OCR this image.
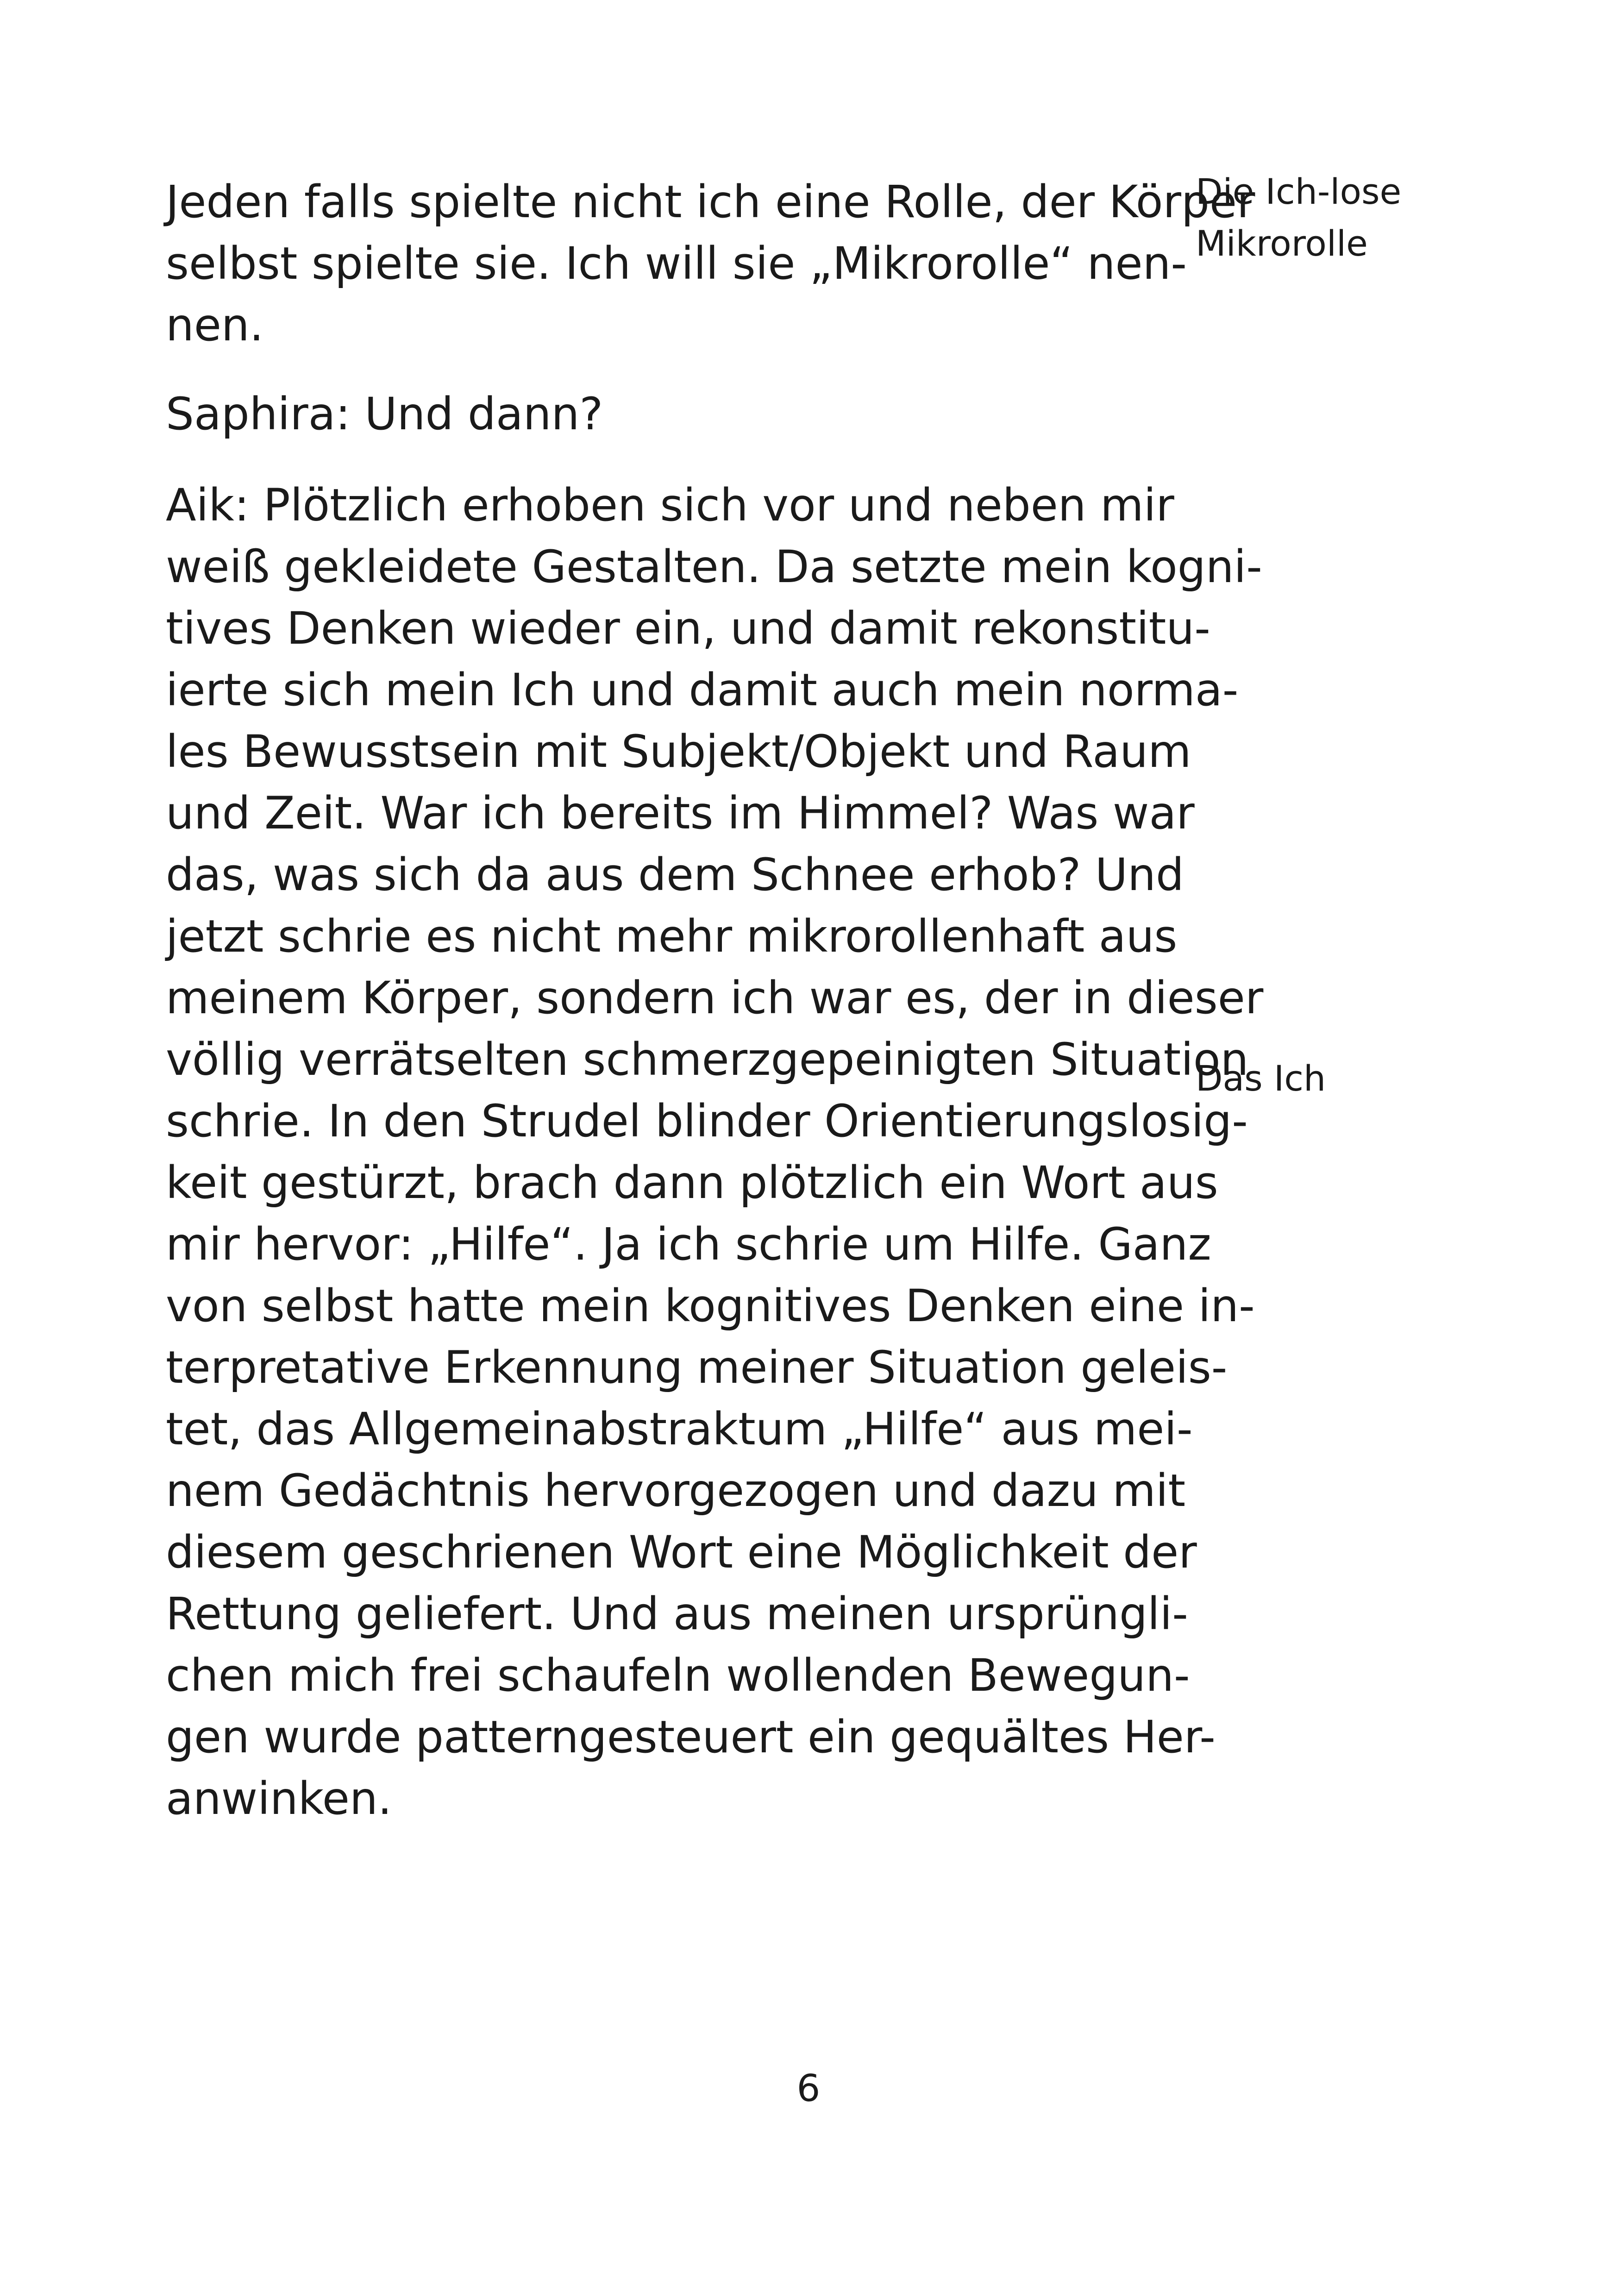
Jeden falls spielte nicht ich eine Rolle, der Körper
selbst spielte sie. Ich will sie „Mikrorolle“ nen-
nen.
Saphira: Und dann?
Aik: Plötzlich erhoben sich vor und neben mir
weiß gekleidete Gestalten. Da setzte mein kogni-
tives Denken wieder ein, und damit rekonstitu-
ierte sich mein Ich und damit auch mein norma-
les Bewusstsein mit Subjekt/Objekt und Raum
und Zeit. War ich bereits im Himmel? Was war
das, was sich da aus dem Schnee erhob? Und
jetzt schrie es nicht mehr mikrorollenhaft aus
meinem Körper, sondern ich war es, der in dieser
völlig verrätselten schmerzgepeinigten Situation
schrie. In den Strudel blinder Orientierungslosig-
keit gestürzt, brach dann plötzlich ein Wort aus
mir hervor: „Hilfe“. Ja ich schrie um Hilfe. Ganz
von selbst hatte mein kognitives Denken eine in-
terpretative Erkennung meiner Situation geleis-
tet, das Allgemeinabstraktum „Hilfe“ aus mei-
nem Gedächtnis hervorgezogen und dazu mit
diesem geschrienen Wort eine Möglichkeit der
Rettung geliefert. Und aus meinen ursprüngli-
chen mich frei schaufeln wollenden Bewegun-
gen wurde patterngesteuert ein gequältes Her-
anwinken.
Die Ich-lose
Mikrorolle
Das Ich
6
